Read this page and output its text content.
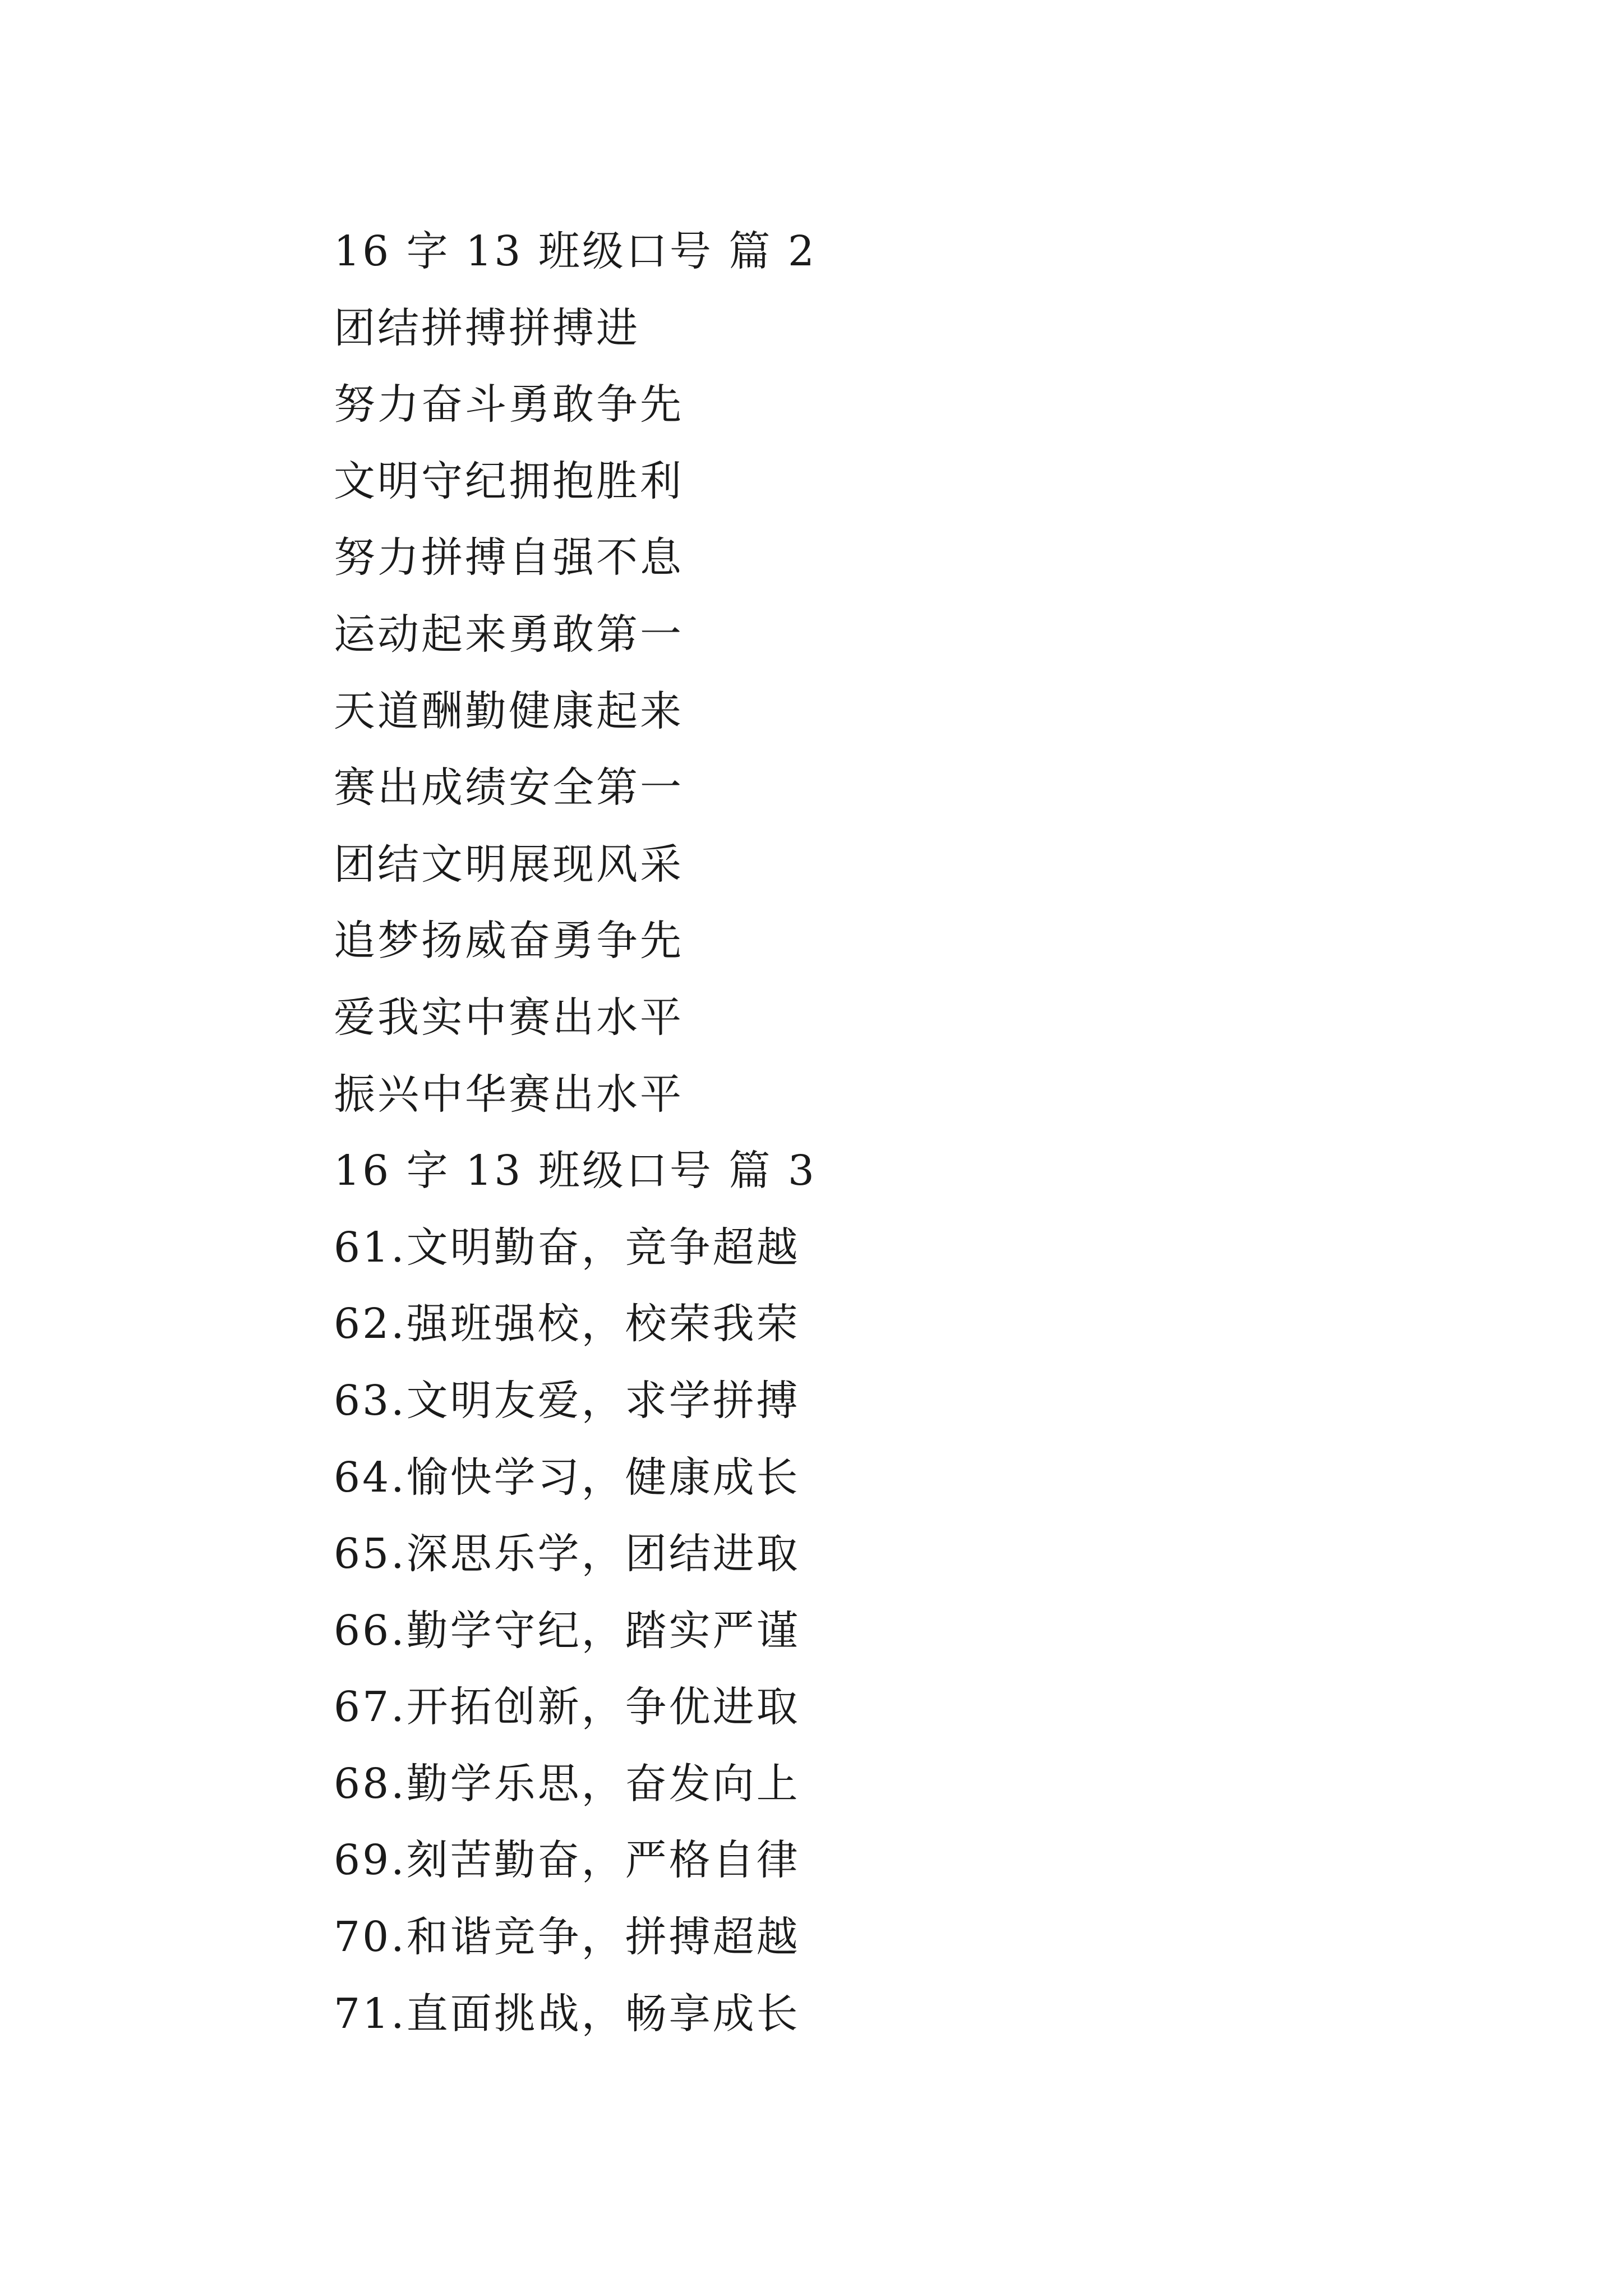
16 字 13 班级口号 篇 2
团结拼搏拼搏进
努力奋斗勇敢争先
文明守纪拥抱胜利
努力拼搏自强不息
运动起来勇敢第一
天道酬勤健康起来
赛出成绩安全第一
团结文明展现风采
追梦扬威奋勇争先
爱我实中赛出水平
振兴中华赛出水平
16 字 13 班级口号 篇 3
61.文明勤奋，竞争超越
62.强班强校，校荣我荣
63.文明友爱，求学拼搏
64.愉快学习，健康成长
65.深思乐学，团结进取
66.勤学守纪，踏实严谨
67.开拓创新，争优进取
68.勤学乐思，奋发向上
69.刻苦勤奋，严格自律
70.和谐竞争，拼搏超越
71.直面挑战，畅享成长
